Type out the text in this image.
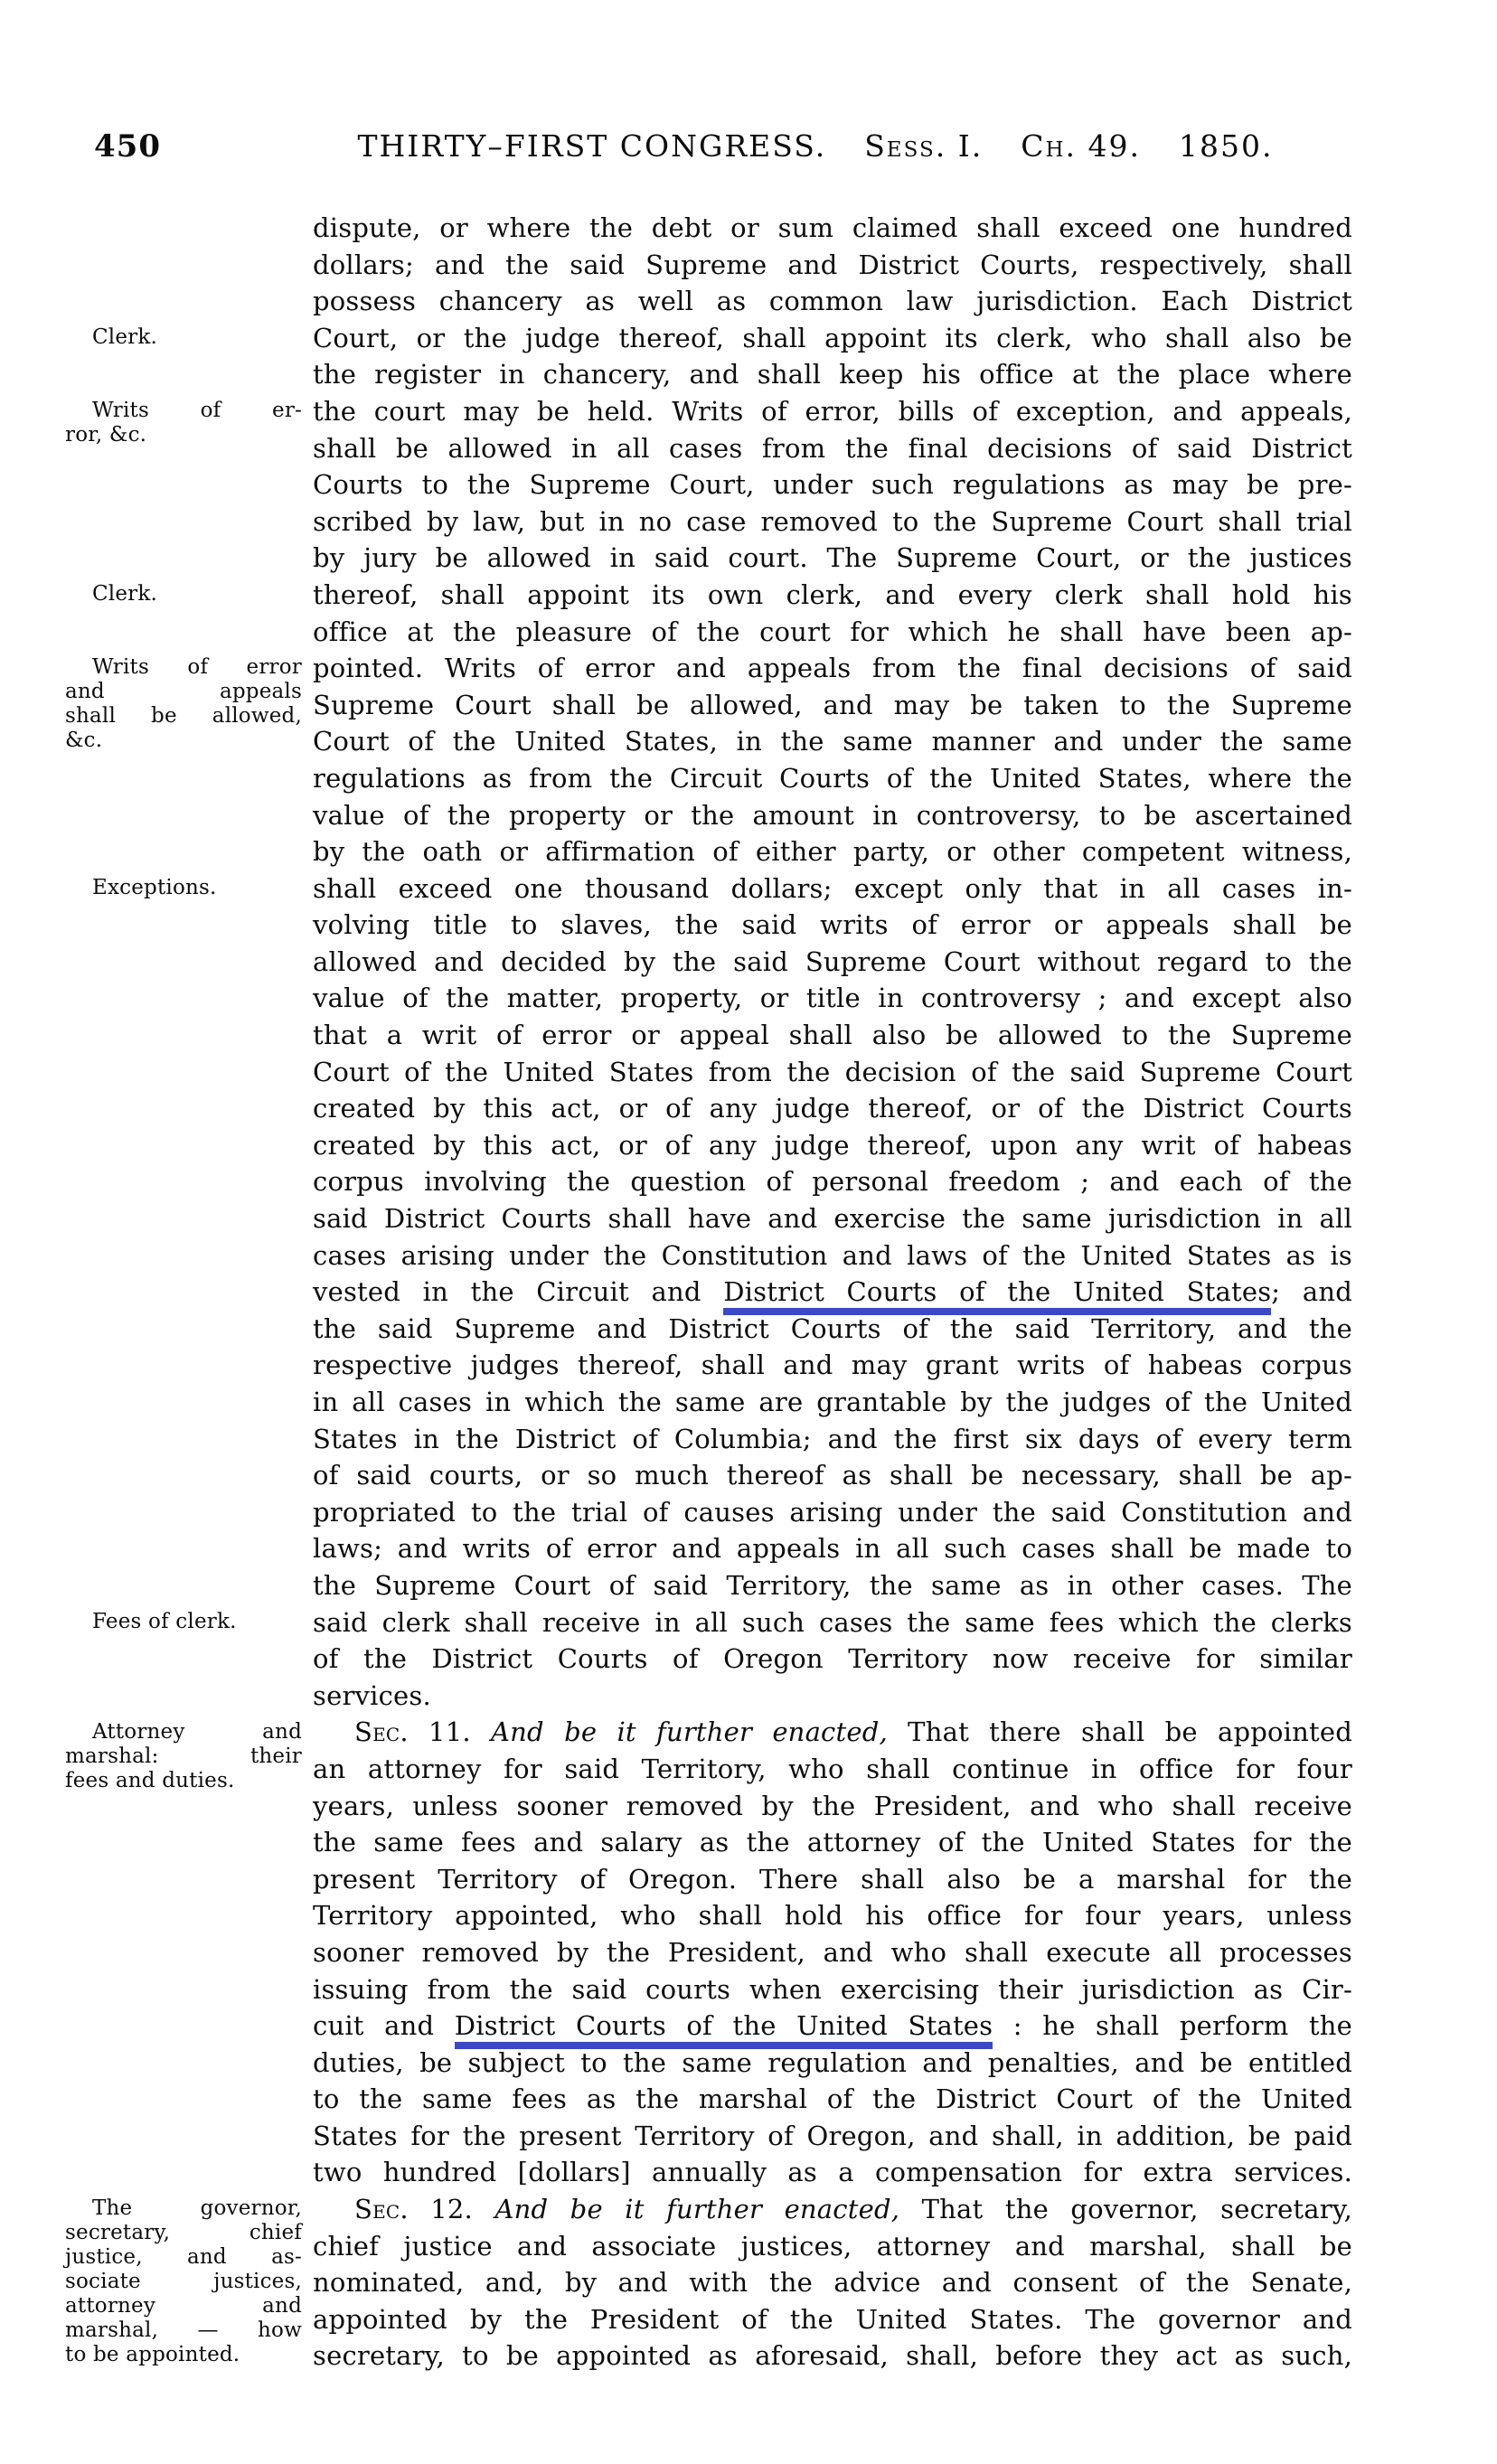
450	THIRTY–FIRST CONGRESS. Sess. I. Ch. 49. 1850.
Clerk.
Writs of er-
ror, &c.
Clerk.
Writs of error
and appeals
shall be allowed,
&c.
Exceptions.
Fees of clerk.
Attorney and
marshal: their
fees and duties.
The governor,
secretary, chief
justice, and as-
sociate justices,
attorney and
marshal, — how
to be appointed.
dispute, or where the debt or sum claimed shall exceed one hundred
dollars; and the said Supreme and District Courts, respectively, shall
possess chancery as well as common law jurisdiction. Each District
Court, or the judge thereof, shall appoint its clerk, who shall also be
the register in chancery, and shall keep his office at the place where
the court may be held. Writs of error, bills of exception, and appeals,
shall be allowed in all cases from the final decisions of said District
Courts to the Supreme Court, under such regulations as may be pre-
scribed by law, but in no case removed to the Supreme Court shall trial
by jury be allowed in said court. The Supreme Court, or the justices
thereof, shall appoint its own clerk, and every clerk shall hold his
office at the pleasure of the court for which he shall have been ap-
pointed. Writs of error and appeals from the final decisions of said
Supreme Court shall be allowed, and may be taken to the Supreme
Court of the United States, in the same manner and under the same
regulations as from the Circuit Courts of the United States, where the
value of the property or the amount in controversy, to be ascertained
by the oath or affirmation of either party, or other competent witness,
shall exceed one thousand dollars; except only that in all cases in-
volving title to slaves, the said writs of error or appeals shall be
allowed and decided by the said Supreme Court without regard to the
value of the matter, property, or title in controversy ; and except also
that a writ of error or appeal shall also be allowed to the Supreme
Court of the United States from the decision of the said Supreme Court
created by this act, or of any judge thereof, or of the District Courts
created by this act, or of any judge thereof, upon any writ of habeas
corpus involving the question of personal freedom ; and each of the
said District Courts shall have and exercise the same jurisdiction in all
cases arising under the Constitution and laws of the United States as is
vested in the Circuit and District Courts of the United States; and
the said Supreme and District Courts of the said Territory, and the
respective judges thereof, shall and may grant writs of habeas corpus
in all cases in which the same are grantable by the judges of the United
States in the District of Columbia; and the first six days of every term
of said courts, or so much thereof as shall be necessary, shall be ap-
propriated to the trial of causes arising under the said Constitution and
laws; and writs of error and appeals in all such cases shall be made to
the Supreme Court of said Territory, the same as in other cases. The
said clerk shall receive in all such cases the same fees which the clerks
of the District Courts of Oregon Territory now receive for similar
services.
Sec. 11. And be it further enacted, That there shall be appointed
an attorney for said Territory, who shall continue in office for four
years, unless sooner removed by the President, and who shall receive
the same fees and salary as the attorney of the United States for the
present Territory of Oregon. There shall also be a marshal for the
Territory appointed, who shall hold his office for four years, unless
sooner removed by the President, and who shall execute all processes
issuing from the said courts when exercising their jurisdiction as Cir-
cuit and District Courts of the United States : he shall perform the
duties, be subject to the same regulation and penalties, and be entitled
to the same fees as the marshal of the District Court of the United
States for the present Territory of Oregon, and shall, in addition, be paid
two hundred [dollars] annually as a compensation for extra services.
Sec. 12. And be it further enacted, That the governor, secretary,
chief justice and associate justices, attorney and marshal, shall be
nominated, and, by and with the advice and consent of the Senate,
appointed by the President of the United States. The governor and
secretary, to be appointed as aforesaid, shall, before they act as such,
